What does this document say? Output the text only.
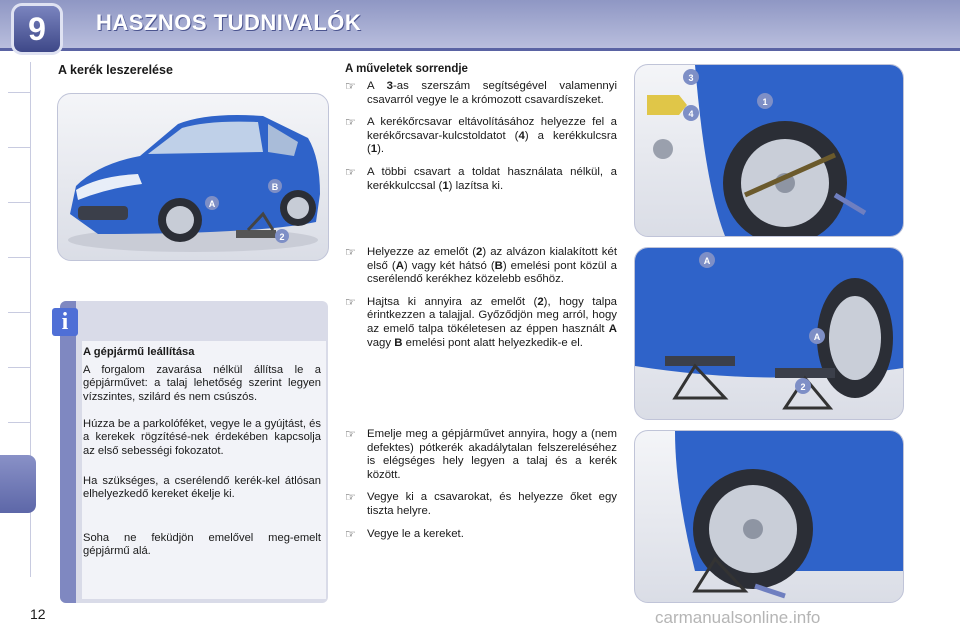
9	HASZNOS TUDNIVALÓK
A kerék leszerelése
A
B
2
i
A gépjármű leállítása
A forgalom zavarása nélkül állítsa le a gépjárművet: a talaj lehetőség szerint legyen vízszintes, szilárd és nem csúszós.
Húzza be a parkolóféket, vegye le a gyújtást, és a kerekek rögzítésé-nek érdekében kapcsolja az első sebességi fokozatot.
Ha szükséges, a cserélendő kerék-kel átlósan elhelyezkedő kereket ékelje ki.
Soha ne feküdjön emelővel meg-emelt gépjármű alá.
A műveletek sorrendje
☞ A 3-as szerszám segítségével valamennyi csavarról vegye le a krómozott csavardíszeket.
☞ A kerékőrcsavar eltávolításához helyezze fel a kerékőrcsavar-kulcstoldatot (4) a kerékkulcsra (1).
☞ A többi csavart a toldat használata nélkül, a kerékkulccsal (1) lazítsa ki.
☞ Helyezze az emelőt (2) az alvázon kialakított két első (A) vagy két hátsó (B) emelési pont közül a cserélendő kerékhez közelebb esőhöz.
☞ Hajtsa ki annyira az emelőt (2), hogy talpa érintkezzen a talajjal. Győződjön meg arról, hogy az emelő talpa tökéletesen az éppen használt A vagy B emelési pont alatt helyezkedik-e el.
☞ Emelje meg a gépjárművet annyira, hogy a (nem defektes) pótkerék akadálytalan felszereléséhez is elégséges hely legyen a talaj és a kerék között.
☞ Vegye ki a csavarokat, és helyezze őket egy tiszta helyre.
☞ Vegye le a kereket.
3
4
1
A
A
2
12	carmanualsonline.info
